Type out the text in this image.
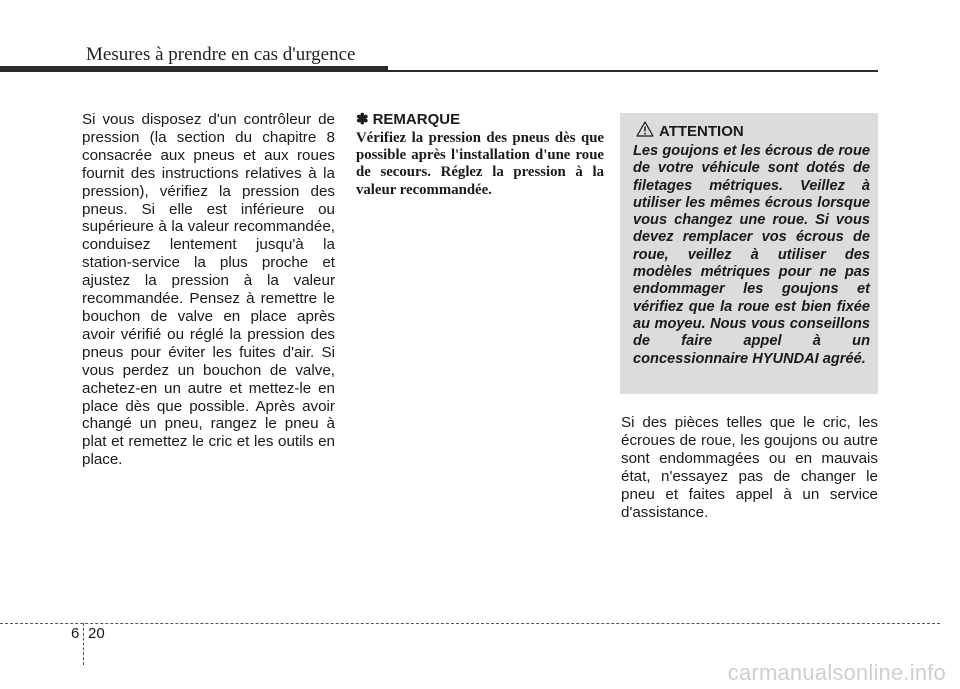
Mesures à prendre en cas d'urgence
Si vous disposez d'un contrôleur de pression (la section du chapitre 8 consacrée aux pneus et aux roues fournit des instructions relatives à la pression), vérifiez la pression des pneus. Si elle est inférieure ou supérieure à la valeur recommandée, conduisez lentement jusqu'à la station-service la plus proche et ajustez la pression à la valeur recommandée. Pensez à remettre le bouchon de valve en place après avoir vérifié ou réglé la pression des pneus pour éviter les fuites d'air. Si vous perdez un bouchon de valve, achetez-en un autre et mettez-le en place dès que possible. Après avoir changé un pneu, rangez le pneu à plat et remettez le cric et les outils en place.
✽ REMARQUE
Vérifiez la pression des pneus dès que possible après l'installation d'une roue de secours. Réglez la pression à la valeur recommandée.
ATTENTION
Les goujons et les écrous de roue de votre véhicule sont dotés de filetages métriques. Veillez à utiliser les mêmes écrous lorsque vous changez une roue. Si vous devez remplacer vos écrous de roue, veillez à utiliser des modèles métriques pour ne pas endommager les goujons et vérifiez que la roue est bien fixée au moyeu. Nous vous conseillons de faire appel à un concessionnaire HYUNDAI agréé.
Si des pièces telles que le cric, les écroues de roue, les goujons ou autre sont endommagées ou en mauvais état, n'essayez pas de changer le pneu et faites appel à un service d'assistance.
6 20
carmanualsonline.info
